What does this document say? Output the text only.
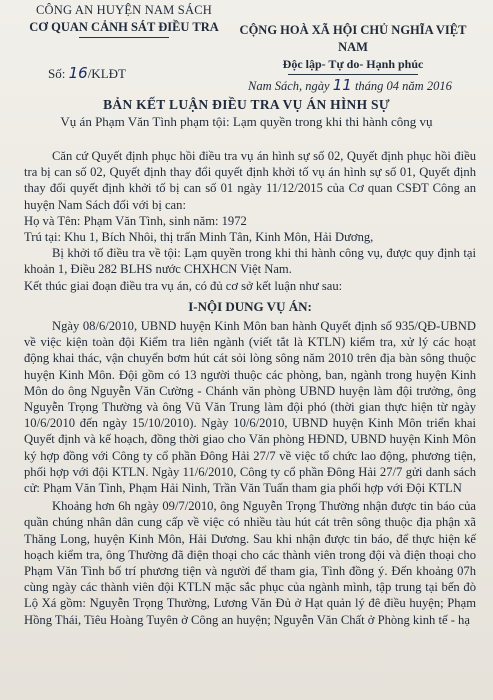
CÔNG AN HUYỆN NAM SÁCH
CƠ QUAN CẢNH SÁT ĐIỀU TRA	CỘNG HOÀ XÃ HỘI CHỦ NGHĨA VIỆT NAM
Độc lập- Tự do- Hạnh phúc
Số: 16/KLĐT
Nam Sách, ngày 11 tháng 04 năm 2016
BẢN KẾT LUẬN ĐIỀU TRA VỤ ÁN HÌNH SỰ
Vụ án Phạm Văn Tình phạm tội: Lạm quyền trong khi thi hành công vụ

Căn cứ Quyết định phục hồi điều tra vụ án hình sự số 02, Quyết định phục hồi điều tra bị can số 02, Quyết định thay đổi quyết định khởi tố vụ án hình sự số 01, Quyết định thay đổi quyết định khởi tố bị can số 01 ngày 11/12/2015 của Cơ quan CSĐT Công an huyện Nam Sách đối với bị can:

Họ và Tên: Phạm Văn Tình, sinh năm: 1972

Trú tại: Khu 1, Bích Nhôi, thị trấn Minh Tân, Kinh Môn, Hải Dương,

Bị khởi tố điều tra về tội: Lạm quyền trong khi thi hành công vụ, được quy định tại khoản 1, Điều 282 BLHS nước CHXHCN Việt Nam.

Kết thúc giai đoạn điều tra vụ án, có đủ cơ sở kết luận như sau:

I-NỘI DUNG VỤ ÁN:

Ngày 08/6/2010, UBND huyện Kinh Môn ban hành Quyết định số 935/QĐ-UBND về việc kiện toàn đội Kiểm tra liên ngành (viết tắt là KTLN) kiểm tra, xử lý các hoạt động khai thác, vận chuyển bơm hút cát sỏi lòng sông năm 2010 trên địa bàn sông thuộc huyện Kinh Môn. Đội gồm có 13 người thuộc các phòng, ban, ngành trong huyện Kinh Môn do ông Nguyễn Văn Cường - Chánh văn phòng UBND huyện làm đội trưởng, ông Nguyễn Trọng Thường và ông Vũ Văn Trung làm đội phó (thời gian thực hiện từ ngày 10/6/2010 đến ngày 15/10/2010). Ngày 10/6/2010, UBND huyện Kinh Môn triển khai Quyết định và kế hoạch, đồng thời giao cho Văn phòng HĐND, UBND huyện Kinh Môn ký hợp đồng với Công ty cổ phần Đông Hải 27/7 về việc tổ chức lao động, phương tiện, phối hợp với đội KTLN. Ngày 11/6/2010, Công ty cổ phần Đông Hải 27/7 gửi danh sách cử: Phạm Văn Tình, Phạm Hải Ninh, Trần Văn Tuấn tham gia phối hợp với Đội KTLN

Khoảng hơn 6h ngày 09/7/2010, ông Nguyễn Trọng Thường nhận được tin báo của quần chúng nhân dân cung cấp về việc có nhiều tàu hút cát trên sông thuộc địa phận xã Thăng Long, huyện Kinh Môn, Hải Dương. Sau khi nhận được tin báo, để thực hiện kế hoạch kiểm tra, ông Thường đã điện thoại cho các thành viên trong đội và điện thoại cho Phạm Văn Tình bố trí phương tiện và người để tham gia, Tình đồng ý. Đến khoảng 07h cùng ngày các thành viên đội KTLN mặc sắc phục của ngành mình, tập trung tại bến đò Lộ Xá gồm: Nguyễn Trọng Thường, Lương Văn Đủ ở Hạt quản lý đê điều huyện; Phạm Hồng Thái, Tiêu Hoàng Tuyên ở Công an huyện; Nguyễn Văn Chất ở Phòng kinh tế - hạ
